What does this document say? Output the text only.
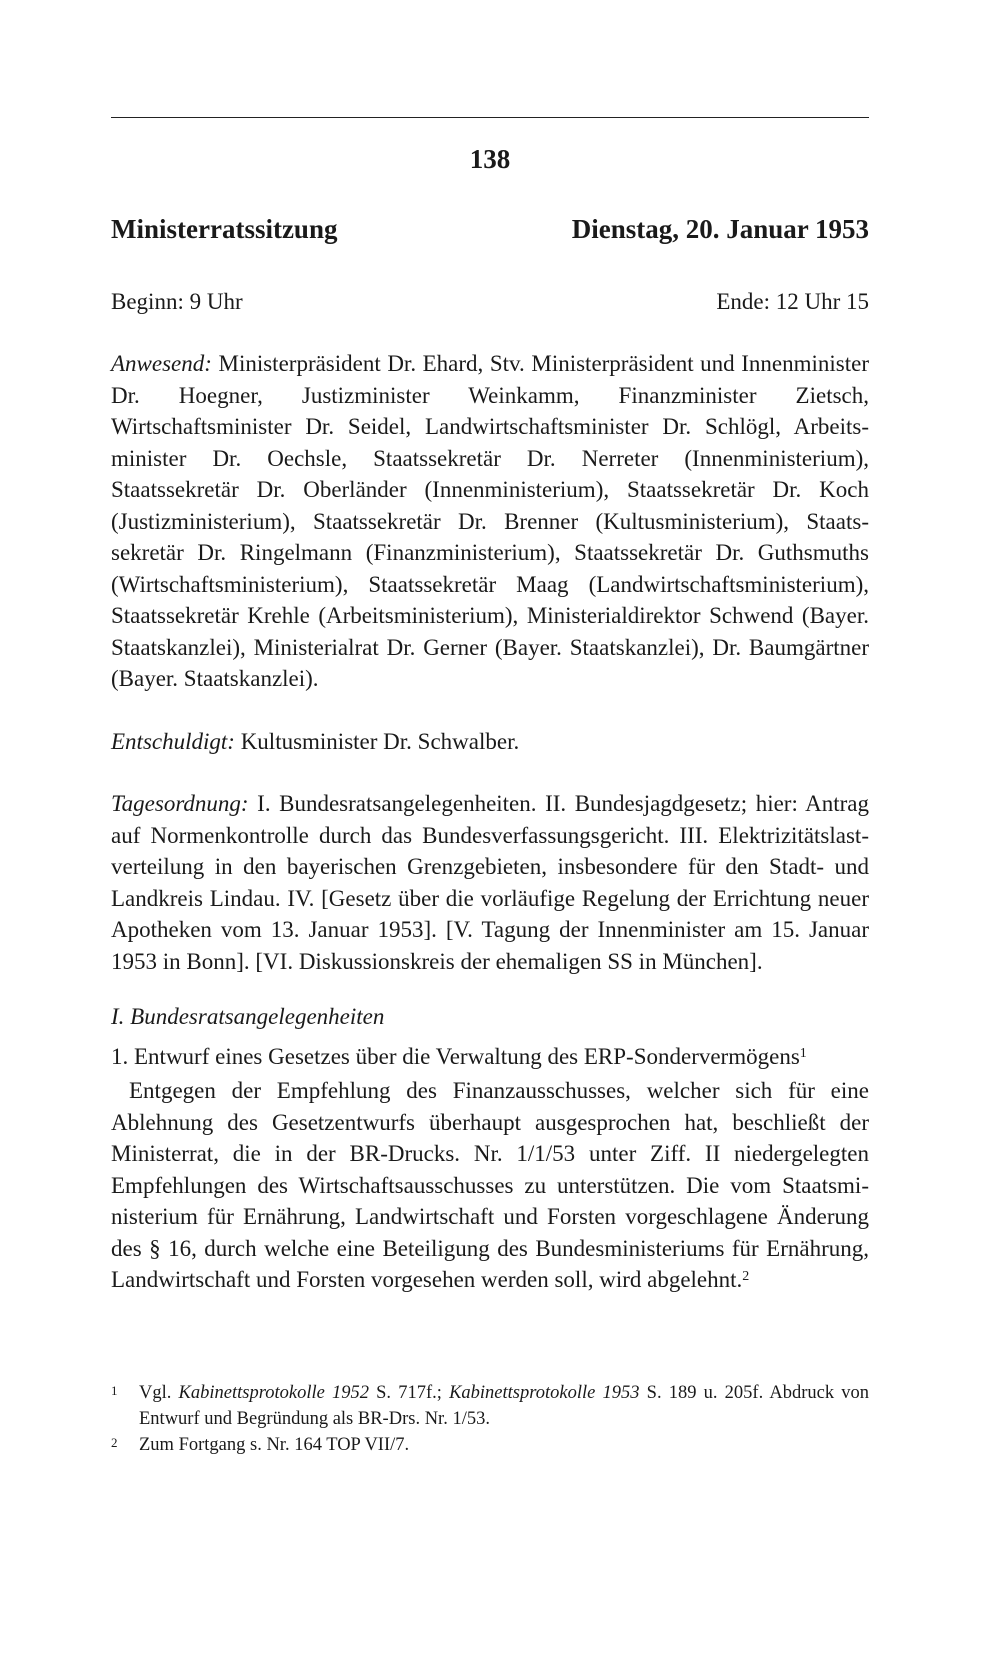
138
Ministerratssitzung	Dienstag, 20. Januar 1953
Beginn: 9 Uhr	Ende: 12 Uhr 15
Anwesend: Ministerpräsident Dr. Ehard, Stv. Ministerpräsident und Innenminister Dr. Hoegner, Justizminister Weinkamm, Finanzminister Zietsch, Wirtschaftsminister Dr. Seidel, Landwirtschaftsminister Dr. Schlögl, Arbeitsminister Dr. Oechsle, Staatssekretär Dr. Nerreter (Innenministerium), Staatssekretär Dr. Oberländer (Innenministerium), Staatssekretär Dr. Koch (Justizministerium), Staatssekretär Dr. Brenner (Kultusministerium), Staatssekretär Dr. Ringelmann (Finanzministerium), Staatssekretär Dr. Guthsmuths (Wirtschaftsministerium), Staatssekretär Maag (Landwirtschaftsministerium), Staatssekretär Krehle (Arbeitsministerium), Ministerialdirektor Schwend (Bayer. Staatskanzlei), Ministerialrat Dr. Gerner (Bayer. Staatskanzlei), Dr. Baumgärtner (Bayer. Staatskanzlei).
Entschuldigt: Kultusminister Dr. Schwalber.
Tagesordnung: I. Bundesratsangelegenheiten. II. Bundesjagdgesetz; hier: Antrag auf Normenkontrolle durch das Bundesverfassungsgericht. III. Elektrizitätslastverteilung in den bayerischen Grenzgebieten, insbesondere für den Stadt- und Landkreis Lindau. IV. [Gesetz über die vorläufige Regelung der Errichtung neuer Apotheken vom 13. Januar 1953]. [V. Tagung der Innenminister am 15. Januar 1953 in Bonn]. [VI. Diskussionskreis der ehemaligen SS in München].
I. Bundesratsangelegenheiten
1. Entwurf eines Gesetzes über die Verwaltung des ERP-Sondervermögens$^1$
Entgegen der Empfehlung des Finanzausschusses, welcher sich für eine Ablehnung des Gesetzentwurfs überhaupt ausgesprochen hat, beschließt der Ministerrat, die in der BR-Drucks. Nr. 1/1/53 unter Ziff. II niedergelegten Empfehlungen des Wirtschaftsausschusses zu unterstützen. Die vom Staatsministerium für Ernährung, Landwirtschaft und Forsten vorgeschlagene Änderung des § 16, durch welche eine Beteiligung des Bundesministeriums für Ernährung, Landwirtschaft und Forsten vorgesehen werden soll, wird abgelehnt.$^2$
1	Vgl. Kabinettsprotokolle 1952 S. 717f.; Kabinettsprotokolle 1953 S. 189 u. 205f. Abdruck von Entwurf und Begründung als BR-Drs. Nr. 1/53.
2	Zum Fortgang s. Nr. 164 TOP VII/7.
